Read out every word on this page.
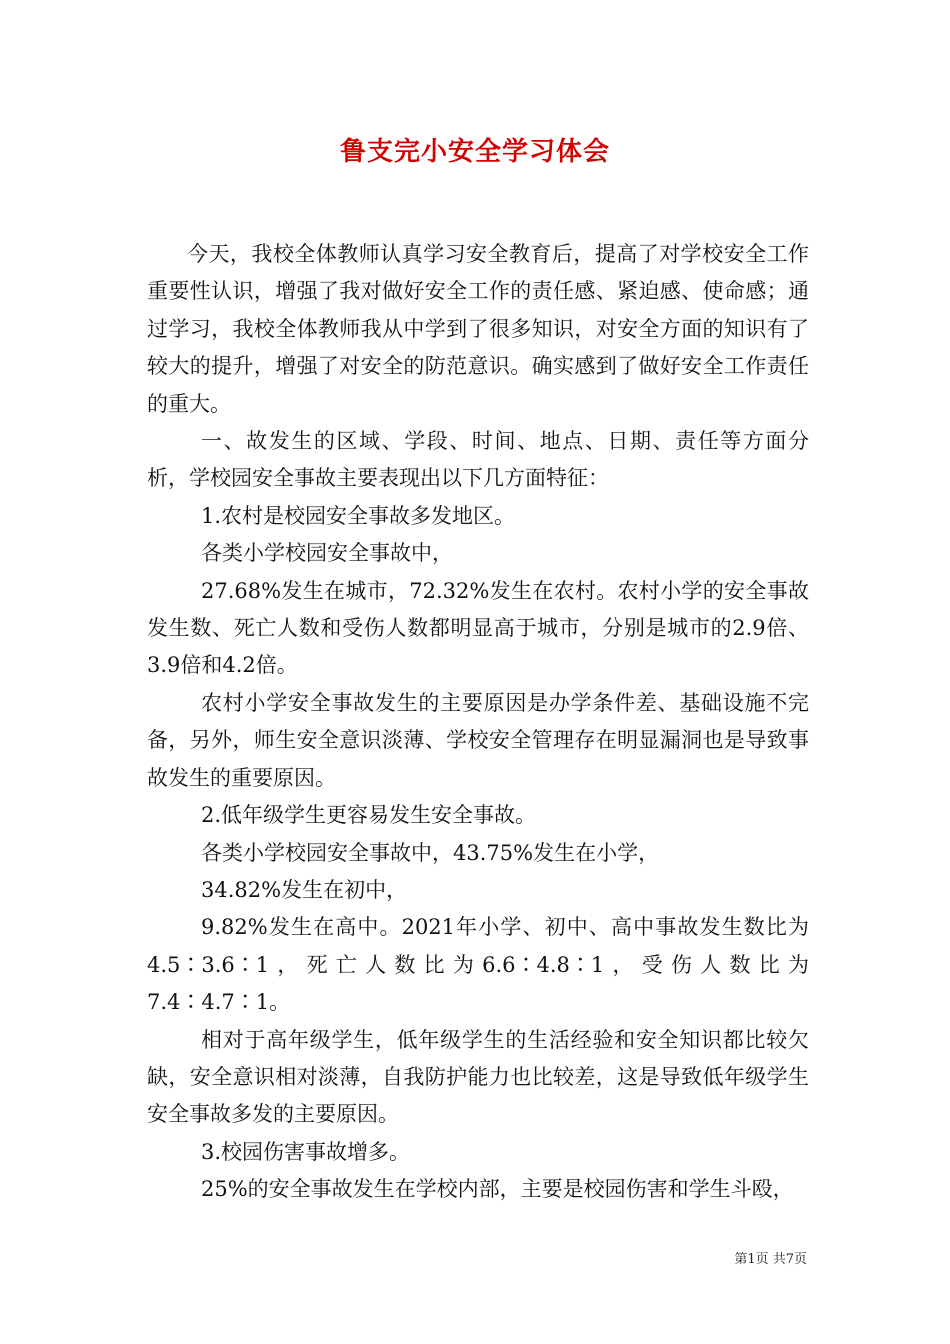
鲁支完小安全学习体会

今天，我校全体教师认真学习安全教育后，提高了对学校安全工作重要性认识，增强了我对做好安全工作的责任感、紧迫感、使命感；通过学习，我校全体教师我从中学到了很多知识，对安全方面的知识有了较大的提升，增强了对安全的防范意识。确实感到了做好安全工作责任的重大。

一、故发生的区域、学段、时间、地点、日期、责任等方面分析，学校园安全事故主要表现出以下几方面特征：

1.农村是校园安全事故多发地区。

各类小学校园安全事故中，

27.68%发生在城市，72.32%发生在农村。农村小学的安全事故发生数、死亡人数和受伤人数都明显高于城市，分别是城市的2.9倍、3.9倍和4.2倍。

农村小学安全事故发生的主要原因是办学条件差、基础设施不完备，另外，师生安全意识淡薄、学校安全管理存在明显漏洞也是导致事故发生的重要原因。

2.低年级学生更容易发生安全事故。

各类小学校园安全事故中，43.75%发生在小学，

34.82%发生在初中，

9.82%发生在高中。2021年小学、初中、高中事故发生数比为4.5∶3.6∶1，死亡人数比为6.6∶4.8∶1，受伤人数比为7.4∶4.7∶1。

相对于高年级学生，低年级学生的生活经验和安全知识都比较欠缺，安全意识相对淡薄，自我防护能力也比较差，这是导致低年级学生安全事故多发的主要原因。

3.校园伤害事故增多。

25%的安全事故发生在学校内部，主要是校园伤害和学生斗殴，

第1页 共7页
